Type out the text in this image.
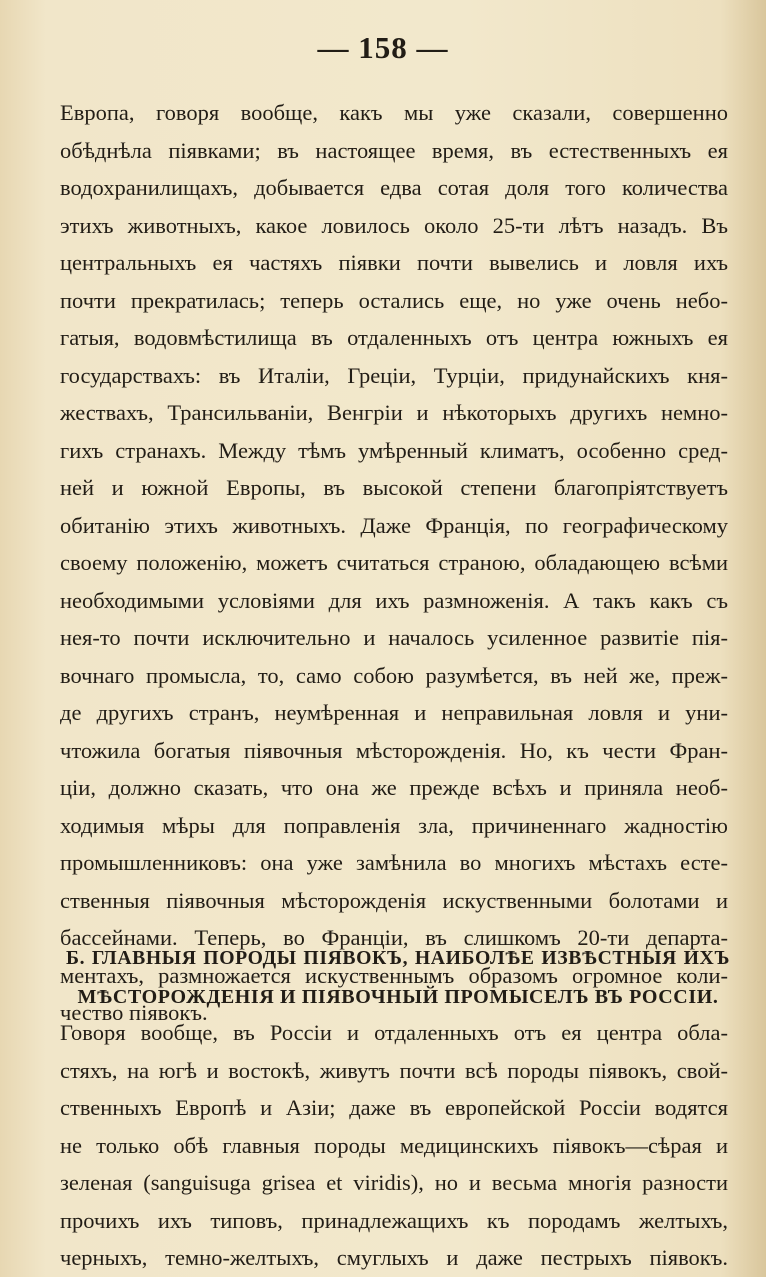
— 158 —
Европа, говоря вообще, какъ мы уже сказали, совершенно
обѣднѣла піявками; въ настоящее время, въ естественныхъ ея
водохранилищахъ, добывается едва сотая доля того количества
этихъ животныхъ, какое ловилось около 25-ти лѣтъ назадъ. Въ
центральныхъ ея частяхъ піявки почти вывелись и ловля ихъ
почти прекратилась; теперь остались еще, но уже очень небо-
гатыя, водовмѣстилища въ отдаленныхъ отъ центра южныхъ ея
государствахъ: въ Италіи, Греціи, Турціи, придунайскихъ кня-
жествахъ, Трансильваніи, Венгріи и нѣкоторыхъ другихъ немно-
гихъ странахъ. Между тѣмъ умѣренный климатъ, особенно сред-
ней и южной Европы, въ высокой степени благопріятствуетъ
обитанію этихъ животныхъ. Даже Франція, по географическому
своему положенію, можетъ считаться страною, обладающею всѣми
необходимыми условіями для ихъ размноженія. А такъ какъ съ
нея-то почти исключительно и началось усиленное развитіе пія-
вочнаго промысла, то, само собою разумѣется, въ ней же, преж-
де другихъ странъ, неумѣренная и неправильная ловля и уни-
чтожила богатыя піявочныя мѣсторожденія. Но, къ чести Фран-
ціи, должно сказать, что она же прежде всѣхъ и приняла необ-
ходимыя мѣры для поправленія зла, причиненнаго жадностію
промышленниковъ: она уже замѣнила во многихъ мѣстахъ есте-
ственныя піявочныя мѣсторожденія искуственными болотами и
бассейнами. Теперь, во Франціи, въ слишкомъ 20-ти департа-
ментахъ, размножается искуственнымъ образомъ огромное коли-
чество піявокъ.
Б. ГЛАВНЫЯ ПОРОДЫ ПІЯВОКЪ, НАИБОЛѢЕ ИЗВѢСТНЫЯ ИХЪ
МѢСТОРОЖДЕНІЯ И ПІЯВОЧНЫЙ ПРОМЫСЕЛЪ ВЪ РОССІИ.
Говоря вообще, въ Россіи и отдаленныхъ отъ ея центра обла-
стяхъ, на югѣ и востокѣ, живутъ почти всѣ породы піявокъ, свой-
ственныхъ Европѣ и Азіи; даже въ европейской Россіи водятся
не только обѣ главныя породы медицинскихъ піявокъ—сѣрая и
зеленая (sanguisuga grisea et viridis), но и весьма многія разности
прочихъ ихъ типовъ, принадлежащихъ къ породамъ желтыхъ,
черныхъ, темно-желтыхъ, смуглыхъ и даже пестрыхъ піявокъ.
